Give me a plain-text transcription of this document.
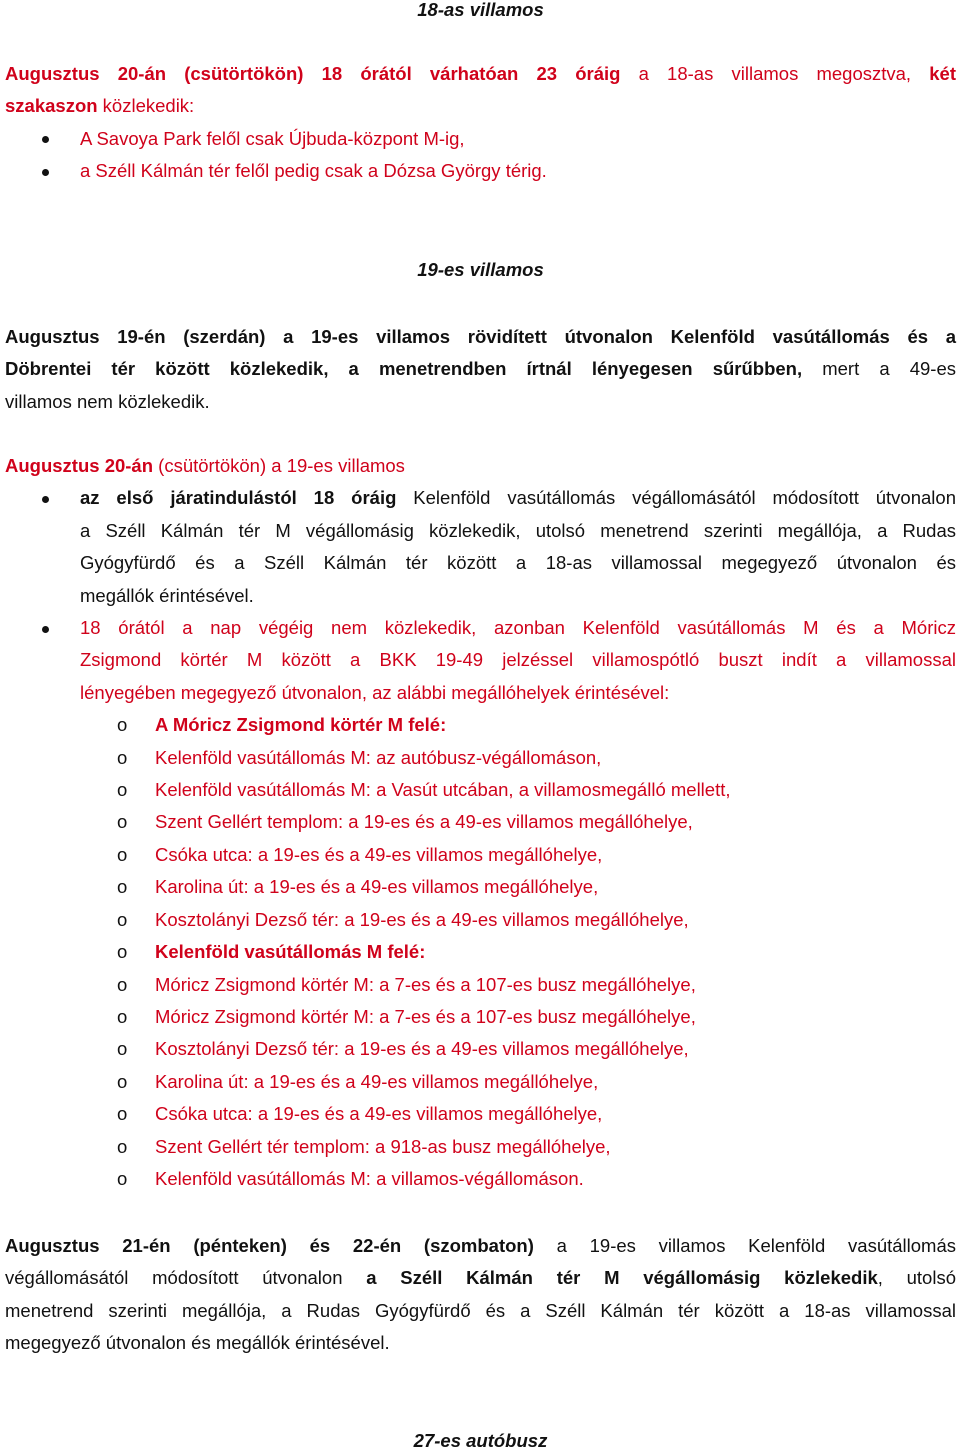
18-as villamos
Augusztus 20-án (csütörtökön) 18 órától várhatóan 23 óráig a 18-as villamos megosztva, két
szakaszon közlekedik:
A Savoya Park felől csak Újbuda-központ M-ig,
a Széll Kálmán tér felől pedig csak a Dózsa György térig.
19-es villamos
Augusztus 19-én (szerdán) a 19-es villamos rövidített útvonalon Kelenföld vasútállomás és a
Döbrentei tér között közlekedik, a menetrendben írtnál lényegesen sűrűbben, mert a 49-es
villamos nem közlekedik.
Augusztus 20-án (csütörtökön) a 19-es villamos
az első járatindulástól 18 óráig Kelenföld vasútállomás végállomásától módosított útvonalon
a Széll Kálmán tér M végállomásig közlekedik, utolsó menetrend szerinti megállója, a Rudas
Gyógyfürdő és a Széll Kálmán tér között a 18-as villamossal megegyező útvonalon és
megállók érintésével.
18 órától a nap végéig nem közlekedik, azonban Kelenföld vasútállomás M és a Móricz
Zsigmond körtér M között a BKK 19-49 jelzéssel villamospótló buszt indít a villamossal
lényegében megegyező útvonalon, az alábbi megállóhelyek érintésével:
o A Móricz Zsigmond körtér M felé:
o Kelenföld vasútállomás M: az autóbusz-végállomáson,
o Kelenföld vasútállomás M: a Vasút utcában, a villamosmegálló mellett,
o Szent Gellért templom: a 19-es és a 49-es villamos megállóhelye,
o Csóka utca: a 19-es és a 49-es villamos megállóhelye,
o Karolina út: a 19-es és a 49-es villamos megállóhelye,
o Kosztolányi Dezső tér: a 19-es és a 49-es villamos megállóhelye,
o Kelenföld vasútállomás M felé:
o Móricz Zsigmond körtér M: a 7-es és a 107-es busz megállóhelye,
o Móricz Zsigmond körtér M: a 7-es és a 107-es busz megállóhelye,
o Kosztolányi Dezső tér: a 19-es és a 49-es villamos megállóhelye,
o Karolina út: a 19-es és a 49-es villamos megállóhelye,
o Csóka utca: a 19-es és a 49-es villamos megállóhelye,
o Szent Gellért tér templom: a 918-as busz megállóhelye,
o Kelenföld vasútállomás M: a villamos-végállomáson.
Augusztus 21-én (pénteken) és 22-én (szombaton) a 19-es villamos Kelenföld vasútállomás
végállomásától módosított útvonalon a Széll Kálmán tér M végállomásig közlekedik, utolsó
menetrend szerinti megállója, a Rudas Gyógyfürdő és a Széll Kálmán tér között a 18-as villamossal
megegyező útvonalon és megállók érintésével.
27-es autóbusz
